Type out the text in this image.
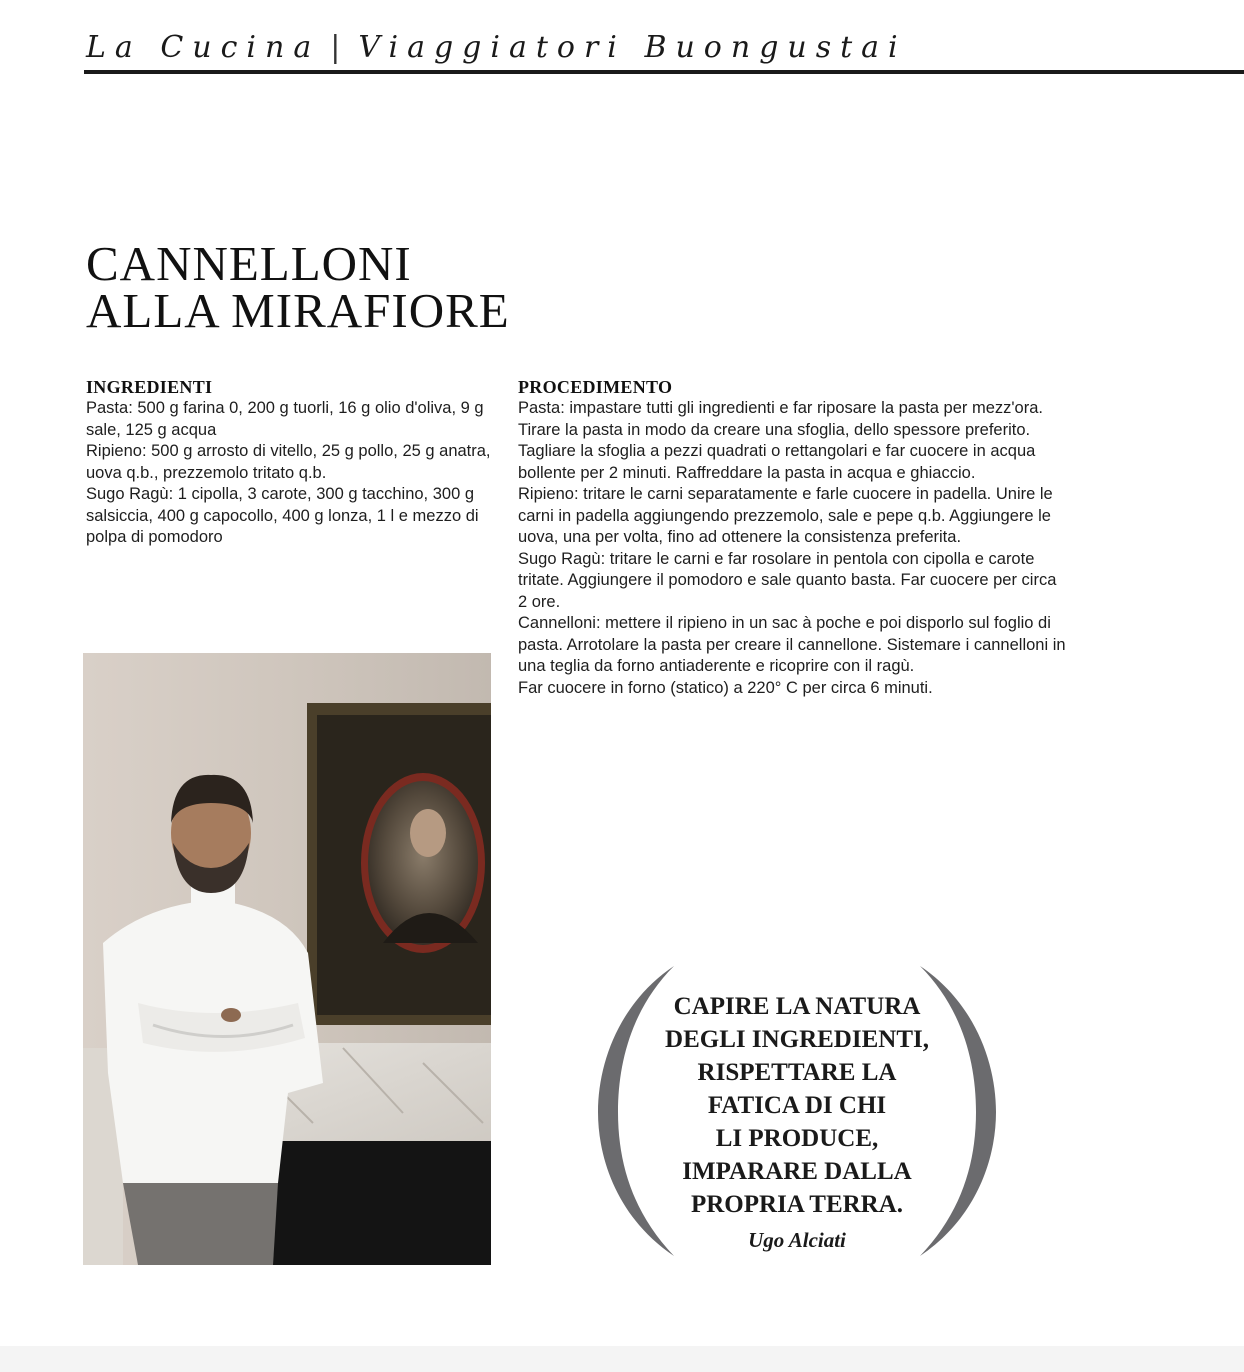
La Cucina | Viaggiatori Buongustai
CANNELLONI
ALLA MIRAFIORE
INGREDIENTI

Pasta: 500 g farina 0, 200 g tuorli, 16 g olio d'oliva, 9 g sale, 125 g acqua

Ripieno: 500 g arrosto di vitello, 25 g pollo, 25 g anatra, uova q.b., prezzemolo tritato q.b.

Sugo Ragù: 1 cipolla, 3 carote, 300 g tacchino, 300 g salsiccia, 400 g capocollo, 400 g lonza, 1 l e mezzo di polpa di pomodoro

PROCEDIMENTO

Pasta: impastare tutti gli ingredienti e far riposare la pasta per mezz'ora. Tirare la pasta in modo da creare una sfoglia, dello spessore preferito. Tagliare la sfoglia a pezzi quadrati o rettangolari e far cuocere in acqua bollente per 2 minuti. Raffreddare la pasta in acqua e ghiaccio.

Ripieno: tritare le carni separatamente e farle cuocere in padella. Unire le carni in padella aggiungendo prezzemolo, sale e pepe q.b. Aggiungere le uova, una per volta, fino ad ottenere la consistenza preferita.

Sugo Ragù: tritare le carni e far rosolare in pentola con cipolla e carote tritate. Aggiungere il pomodoro e sale quanto basta. Far cuocere per circa 2 ore.

Cannelloni: mettere il ripieno in un sac à poche e poi disporlo sul foglio di pasta. Arrotolare la pasta per creare il cannellone. Sistemare i cannelloni in una teglia da forno antiaderente e ricoprire con il ragù.

Far cuocere in forno (statico) a 220° C per circa 6 minuti.

CAPIRE LA NATURA
DEGLI INGREDIENTI,
RISPETTARE LA
FATICA DI CHI
LI PRODUCE,
IMPARARE DALLA
PROPRIA TERRA.
Ugo Alciati
